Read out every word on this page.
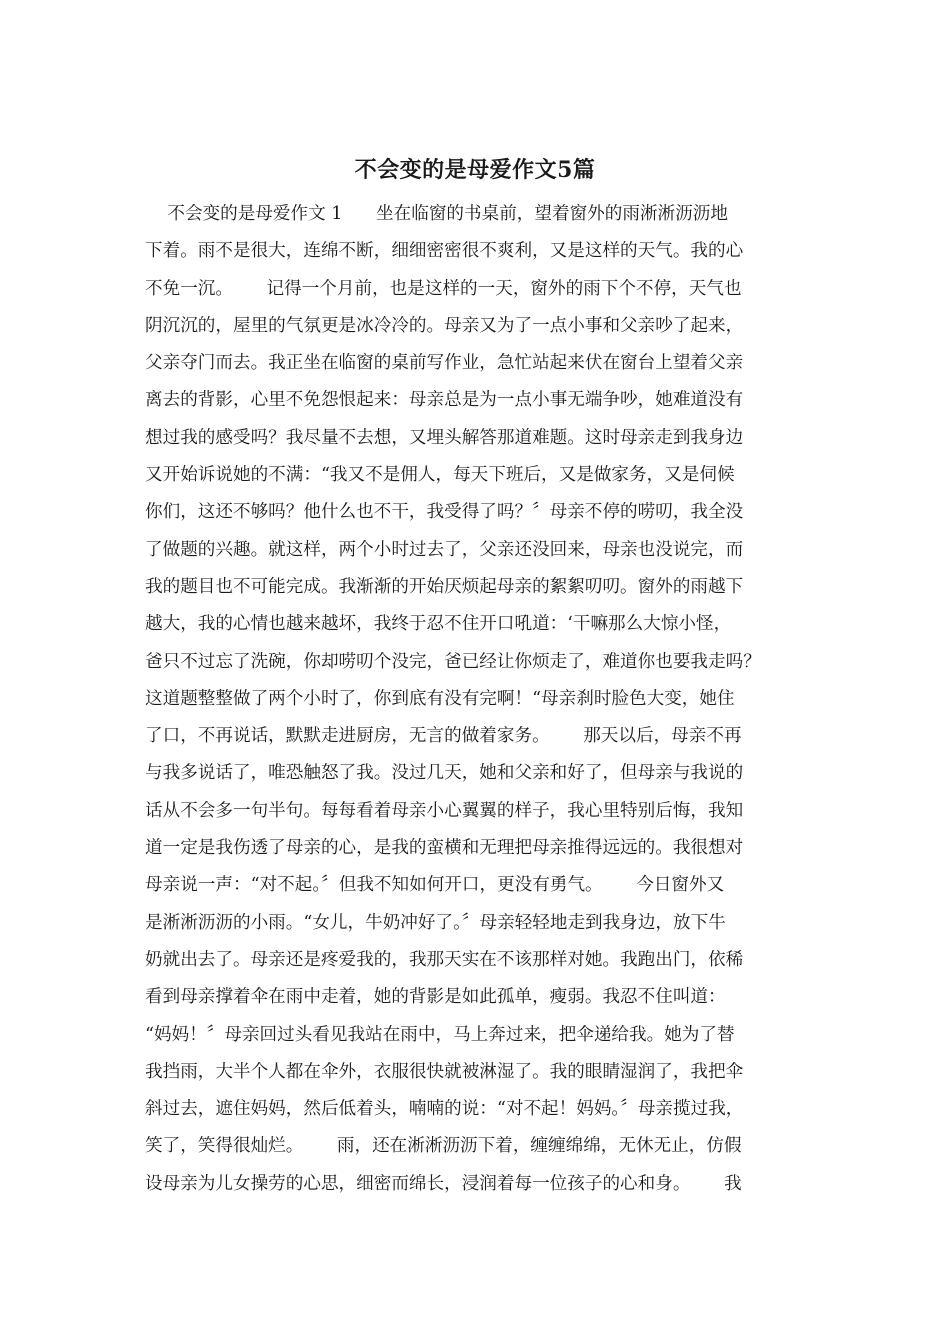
不会变的是母爱作文5篇
不会变的是母爱作文 1      坐在临窗的书桌前，望着窗外的雨淅淅沥沥地
下着。雨不是很大，连绵不断，细细密密很不爽利，又是这样的天气。我的心
不免一沉。      记得一个月前，也是这样的一天，窗外的雨下个不停，天气也
阴沉沉的，屋里的气氛更是冰冷冷的。母亲又为了一点小事和父亲吵了起来，
父亲夺门而去。我正坐在临窗的桌前写作业，急忙站起来伏在窗台上望着父亲
离去的背影，心里不免怨恨起来：母亲总是为一点小事无端争吵，她难道没有
想过我的感受吗？我尽量不去想，又埋头解答那道难题。这时母亲走到我身边
又开始诉说她的不满：“我又不是佣人，每天下班后，又是做家务，又是伺候
你们，这还不够吗？他什么也不干，我受得了吗？〞母亲不停的唠叨，我全没
了做题的兴趣。就这样，两个小时过去了，父亲还没回来，母亲也没说完，而
我的题目也不可能完成。我渐渐的开始厌烦起母亲的絮絮叨叨。窗外的雨越下
越大，我的心情也越来越坏，我终于忍不住开口吼道：‘干嘛那么大惊小怪，
爸只不过忘了洗碗，你却唠叨个没完，爸已经让你烦走了，难道你也要我走吗？
这道题整整做了两个小时了，你到底有没有完啊！“母亲刹时脸色大变，她住
了口，不再说话，默默走进厨房，无言的做着家务。      那天以后，母亲不再
与我多说话了，唯恐触怒了我。没过几天，她和父亲和好了，但母亲与我说的
话从不会多一句半句。每每看着母亲小心翼翼的样子，我心里特别后悔，我知
道一定是我伤透了母亲的心，是我的蛮横和无理把母亲推得远远的。我很想对
母亲说一声：“对不起。〞但我不知如何开口，更没有勇气。      今日窗外又
是淅淅沥沥的小雨。“女儿，牛奶冲好了。〞母亲轻轻地走到我身边，放下牛
奶就出去了。母亲还是疼爱我的，我那天实在不该那样对她。我跑出门，依稀
看到母亲撑着伞在雨中走着，她的背影是如此孤单，瘦弱。我忍不住叫道：
“妈妈！〞母亲回过头看见我站在雨中，马上奔过来，把伞递给我。她为了替
我挡雨，大半个人都在伞外，衣服很快就被淋湿了。我的眼睛湿润了，我把伞
斜过去，遮住妈妈，然后低着头，喃喃的说：“对不起！妈妈。〞母亲揽过我，
笑了，笑得很灿烂。      雨，还在淅淅沥沥下着，缠缠绵绵，无休无止，仿假
设母亲为儿女操劳的心思，细密而绵长，浸润着每一位孩子的心和身。      我
